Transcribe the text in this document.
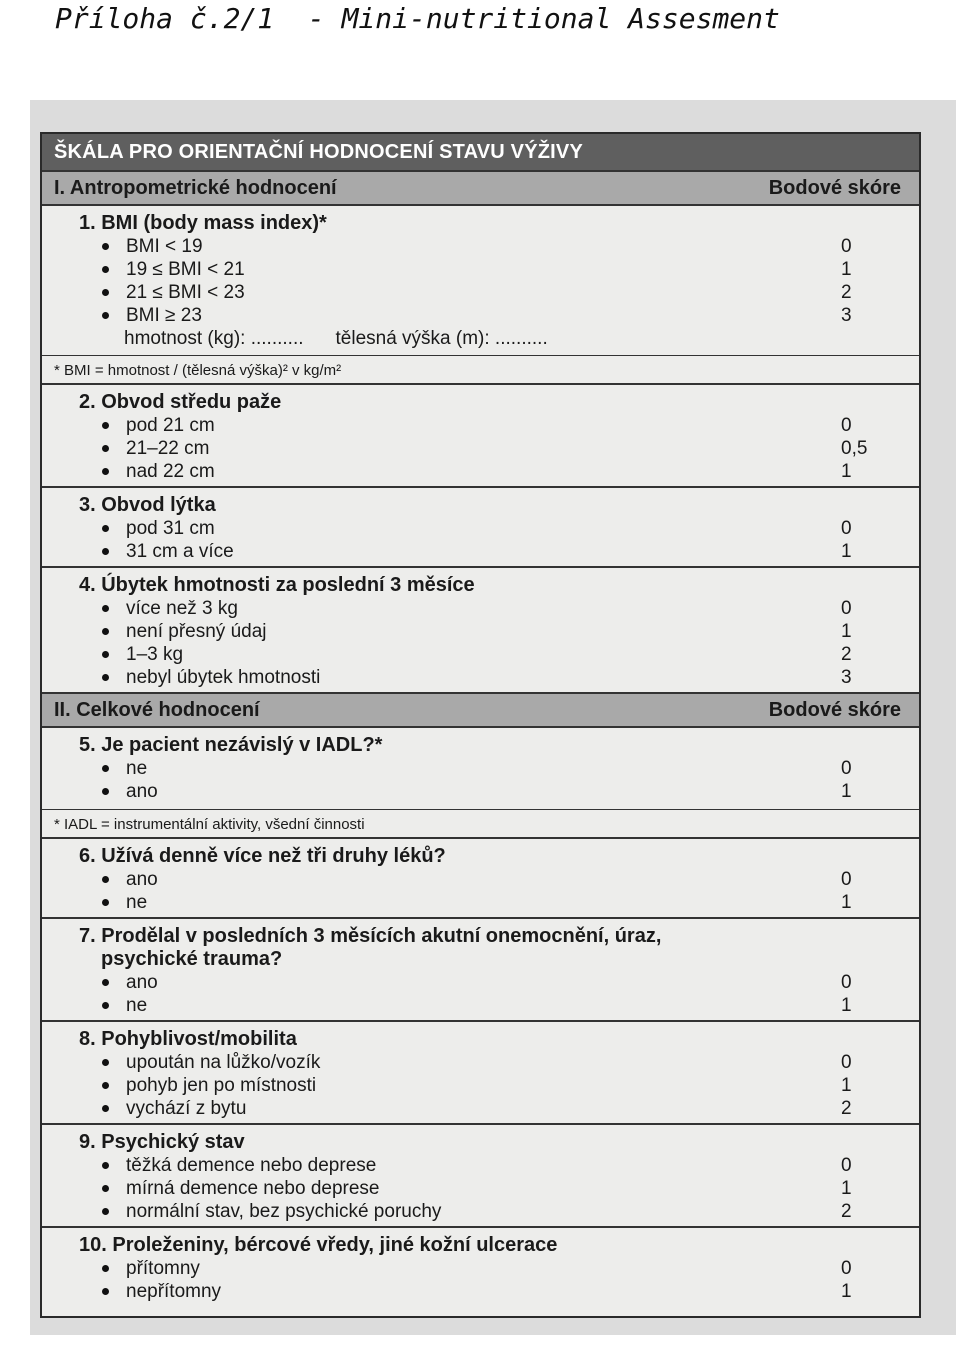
Příloha č.2/1  - Mini-nutritional Assesment
ŠKÁLA PRO ORIENTAČNÍ HODNOCENÍ STAVU VÝŽIVY
I. Antropometrické hodnocení	Bodové skóre
1. BMI (body mass index)*
BMI < 19	0
19 ≤ BMI < 21	1
21 ≤ BMI < 23	2
BMI ≥ 23	3
hmotnost (kg): .......... tělesná výška (m): ..........
* BMI = hmotnost / (tělesná výška)² v kg/m²
2. Obvod středu paže
pod 21 cm	0
21–22 cm	0,5
nad 22 cm	1
3. Obvod lýtka
pod 31 cm	0
31 cm a více	1
4. Úbytek hmotnosti za poslední 3 měsíce
více než 3 kg	0
není přesný údaj	1
1–3 kg	2
nebyl úbytek hmotnosti	3
II. Celkové hodnocení	Bodové skóre
5. Je pacient nezávislý v IADL?*
ne	0
ano	1
* IADL = instrumentální aktivity, všední činnosti
6. Užívá denně více než tři druhy léků?
ano	0
ne	1
7. Prodělal v posledních 3 měsících akutní onemocnění, úraz,
psychické trauma?
ano	0
ne	1
8. Pohyblivost/mobilita
upoután na lůžko/vozík	0
pohyb jen po místnosti	1
vychází z bytu	2
9. Psychický stav
těžká demence nebo deprese	0
mírná demence nebo deprese	1
normální stav, bez psychické poruchy	2
10. Proleženiny, bércové vředy, jiné kožní ulcerace
přítomny	0
nepřítomny	1
